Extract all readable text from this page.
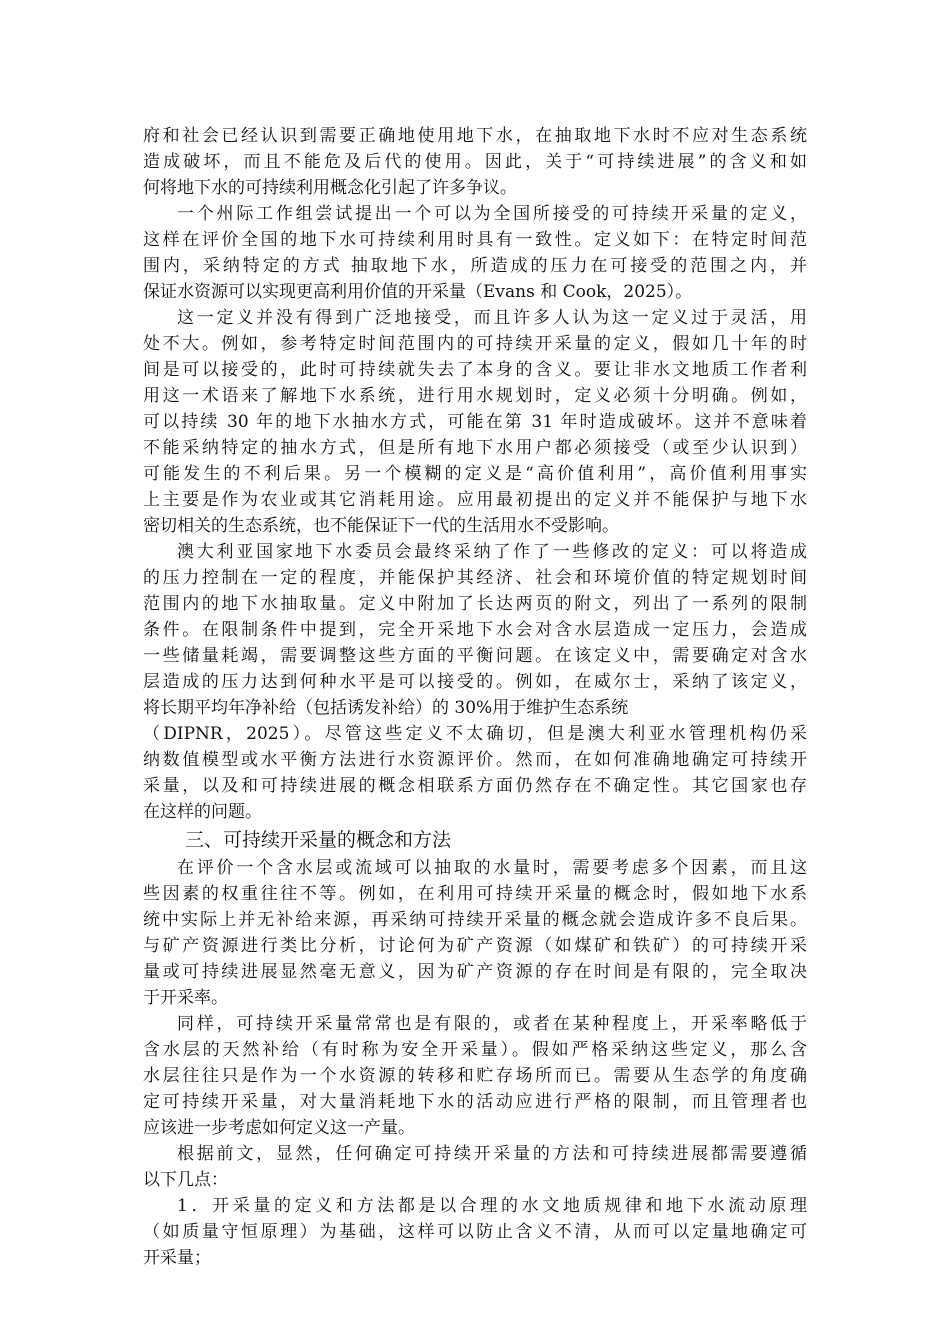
府和社会已经认识到需要正确地使用地下水，在抽取地下水时不应对生态系统
造成破坏，而且不能危及后代的使用。因此，关于“可持续进展”的含义和如
何将地下水的可持续利用概念化引起了许多争议。
一个州际工作组尝试提出一个可以为全国所接受的可持续开采量的定义，
这样在评价全国的地下水可持续利用时具有一致性。定义如下：在特定时间范
围内，采纳特定的方式 抽取地下水，所造成的压力在可接受的范围之内，并
保证水资源可以实现更高利用价值的开采量（Evans 和 Cook，2025）。
这一定义并没有得到广泛地接受，而且许多人认为这一定义过于灵活，用
处不大。例如，参考特定时间范围内的可持续开采量的定义，假如几十年的时
间是可以接受的，此时可持续就失去了本身的含义。要让非水文地质工作者利
用这一术语来了解地下水系统，进行用水规划时，定义必须十分明确。例如，
可以持续 30 年的地下水抽水方式，可能在第 31 年时造成破坏。这并不意味着
不能采纳特定的抽水方式，但是所有地下水用户都必须接受（或至少认识到）
可能发生的不利后果。另一个模糊的定义是“高价值利用”，高价值利用事实
上主要是作为农业或其它消耗用途。应用最初提出的定义并不能保护与地下水
密切相关的生态系统，也不能保证下一代的生活用水不受影响。
澳大利亚国家地下水委员会最终采纳了作了一些修改的定义：可以将造成
的压力控制在一定的程度，并能保护其经济、社会和环境价值的特定规划时间
范围内的地下水抽取量。定义中附加了长达两页的附文，列出了一系列的限制
条件。在限制条件中提到，完全开采地下水会对含水层造成一定压力，会造成
一些储量耗竭，需要调整这些方面的平衡问题。在该定义中，需要确定对含水
层造成的压力达到何种水平是可以接受的。例如，在威尔士，采纳了该定义，
将长期平均年净补给（包括诱发补给）的 30%用于维护生态系统
（DIPNR，2025）。尽管这些定义不太确切，但是澳大利亚水管理机构仍采
纳数值模型或水平衡方法进行水资源评价。然而，在如何准确地确定可持续开
采量，以及和可持续进展的概念相联系方面仍然存在不确定性。其它国家也存
在这样的问题。
三、可持续开采量的概念和方法
在评价一个含水层或流域可以抽取的水量时，需要考虑多个因素，而且这
些因素的权重往往不等。例如，在利用可持续开采量的概念时，假如地下水系
统中实际上并无补给来源，再采纳可持续开采量的概念就会造成许多不良后果。
与矿产资源进行类比分析，讨论何为矿产资源（如煤矿和铁矿）的可持续开采
量或可持续进展显然毫无意义，因为矿产资源的存在时间是有限的，完全取决
于开采率。
同样，可持续开采量常常也是有限的，或者在某种程度上，开采率略低于
含水层的天然补给（有时称为安全开采量）。假如严格采纳这些定义，那么含
水层往往只是作为一个水资源的转移和贮存场所而已。需要从生态学的角度确
定可持续开采量，对大量消耗地下水的活动应进行严格的限制，而且管理者也
应该进一步考虑如何定义这一产量。
根据前文，显然，任何确定可持续开采量的方法和可持续进展都需要遵循
以下几点：
1．开采量的定义和方法都是以合理的水文地质规律和地下水流动原理
（如质量守恒原理）为基础，这样可以防止含义不清，从而可以定量地确定可
开采量；
